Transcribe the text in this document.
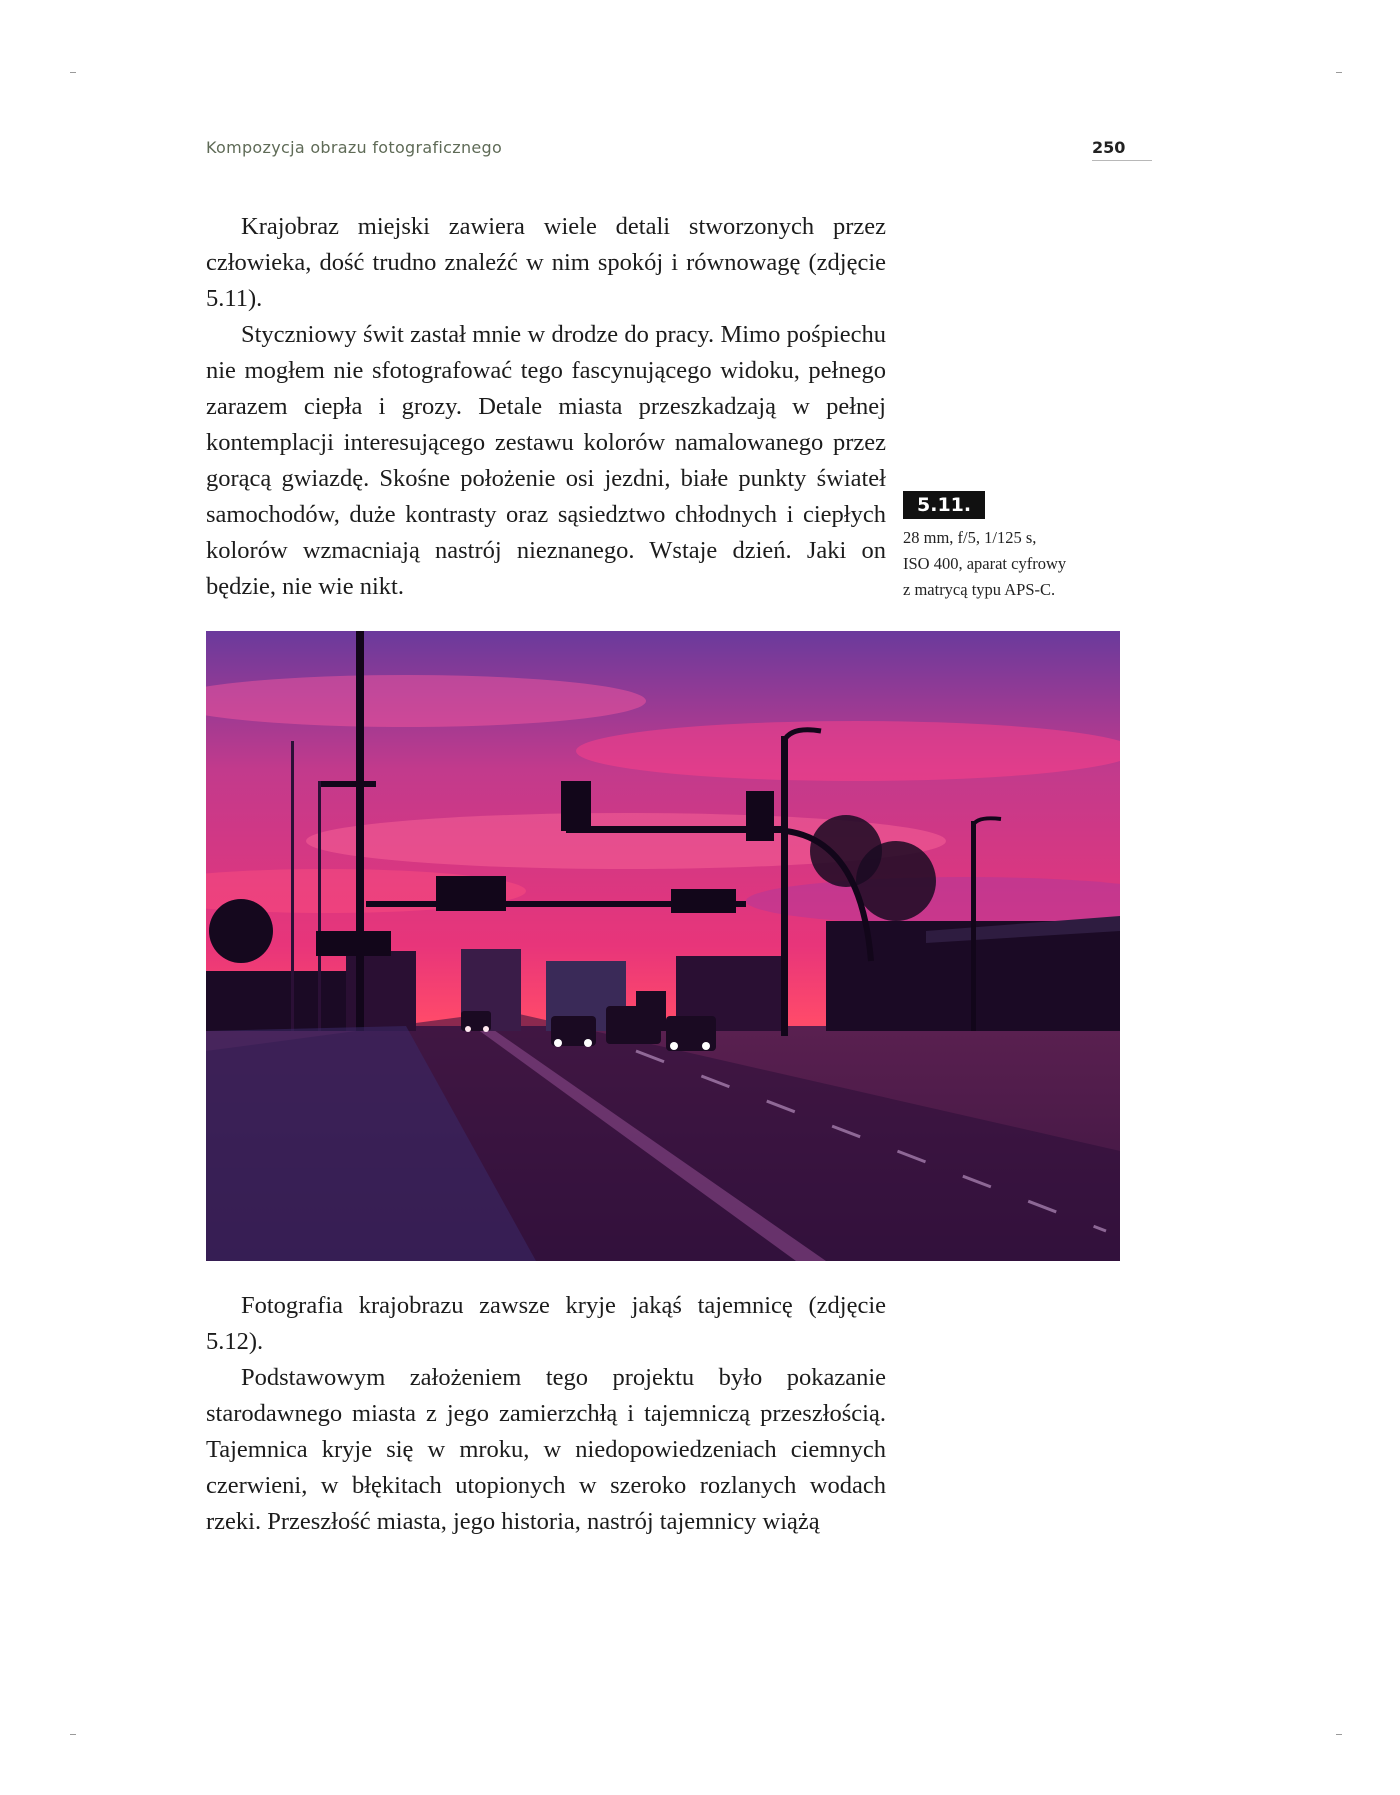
Kompozycja obrazu fotograficznego	250

Krajobraz miejski zawiera wiele detali stworzonych przez człowieka, dość trudno znaleźć w nim spokój i równowagę (zdjęcie 5.11).

Styczniowy świt zastał mnie w drodze do pracy. Mimo pośpiechu nie mogłem nie sfotografować tego fascynującego widoku, pełnego zarazem ciepła i grozy. Detale miasta przeszkadzają w pełnej kontemplacji interesującego zestawu kolorów namalowanego przez gorącą gwiazdę. Skośne położenie osi jezdni, białe punkty świateł samochodów, duże kontrasty oraz sąsiedztwo chłodnych i ciepłych kolorów wzmacniają nastrój nieznanego. Wstaje dzień. Jaki on będzie, nie wie nikt.

5.11.
28 mm, f/5, 1/125 s,
ISO 400, aparat cyfrowy
z matrycą typu APS-C.

Fotografia krajobrazu zawsze kryje jakąś tajemnicę (zdjęcie 5.12).

Podstawowym założeniem tego projektu było pokazanie starodawnego miasta z jego zamierzchłą i tajemniczą przeszłością. Tajemnica kryje się w mroku, w niedopowiedzeniach ciemnych czerwieni, w błękitach utopionych w szeroko rozlanych wodach rzeki. Przeszłość miasta, jego historia, nastrój tajemnicy wiążą
